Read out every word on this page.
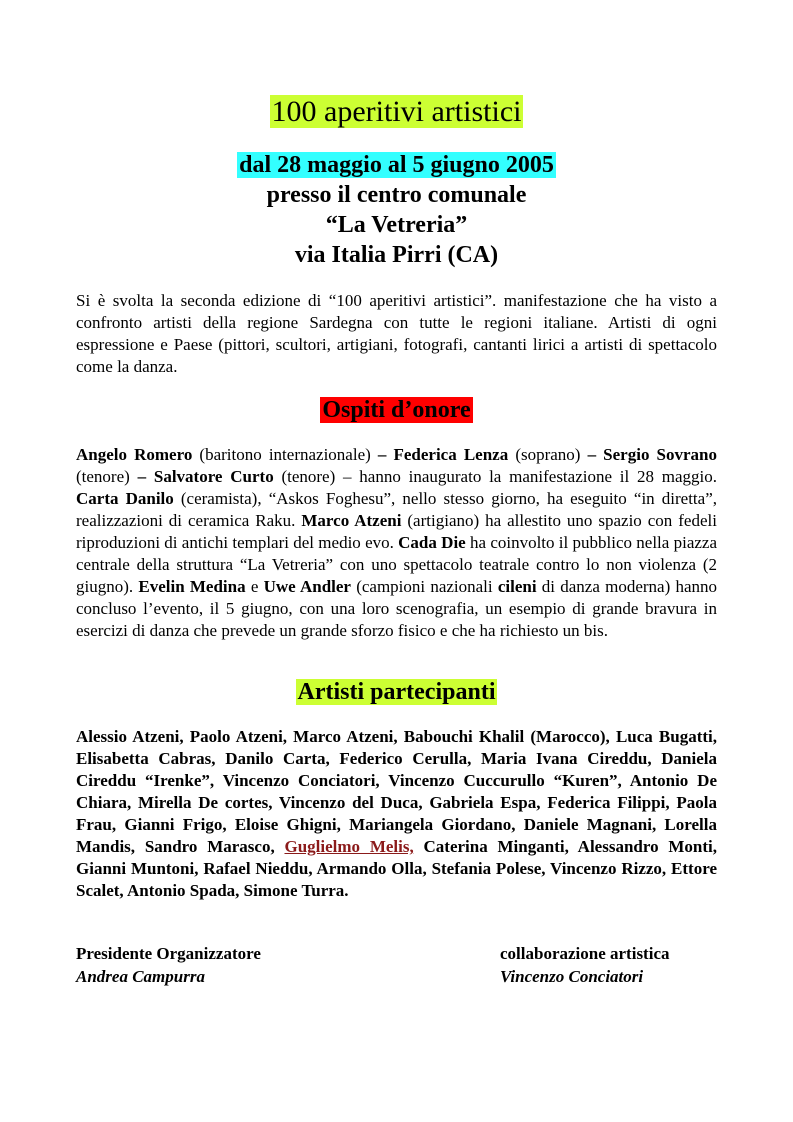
100 aperitivi artistici
dal 28 maggio al 5 giugno 2005
presso il centro comunale
“La Vetreria”
via Italia Pirri (CA)

Si è svolta la seconda edizione di “100 aperitivi artistici”. manifestazione che ha visto a confronto artisti della regione Sardegna con tutte le regioni italiane. Artisti di ogni espressione e Paese (pittori, scultori, artigiani, fotografi, cantanti lirici a artisti di spettacolo come la danza.

Ospiti d’onore

Angelo Romero (baritono internazionale) – Federica Lenza (soprano) – Sergio Sovrano (tenore) – Salvatore Curto (tenore) – hanno inaugurato la manifestazione il 28 maggio. Carta Danilo (ceramista), “Askos Foghesu”, nello stesso giorno, ha eseguito “in diretta”, realizzazioni di ceramica Raku. Marco Atzeni (artigiano) ha allestito uno spazio con fedeli riproduzioni di antichi templari del medio evo. Cada Die ha coinvolto il pubblico nella piazza centrale della struttura “La Vetreria” con uno spettacolo teatrale contro lo non violenza (2 giugno). Evelin Medina e Uwe Andler (campioni nazionali cileni di danza moderna) hanno concluso l’evento, il 5 giugno, con una loro scenografia, un esempio di grande bravura in esercizi di danza che prevede un grande sforzo fisico e che ha richiesto un bis.

Artisti partecipanti

Alessio Atzeni, Paolo Atzeni, Marco Atzeni, Babouchi Khalil (Marocco), Luca Bugatti, Elisabetta Cabras, Danilo Carta, Federico Cerulla, Maria Ivana Cireddu, Daniela Cireddu “Irenke”, Vincenzo Conciatori, Vincenzo Cuccurullo “Kuren”, Antonio De Chiara, Mirella De cortes, Vincenzo del Duca, Gabriela Espa, Federica Filippi, Paola Frau, Gianni Frigo, Eloise Ghigni, Mariangela Giordano, Daniele Magnani, Lorella Mandis, Sandro Marasco, Guglielmo Melis, Caterina Minganti, Alessandro Monti, Gianni Muntoni, Rafael Nieddu, Armando Olla, Stefania Polese, Vincenzo Rizzo, Ettore Scalet, Antonio Spada, Simone Turra.

Presidente Organizzatore
Andrea Campurra
collaborazione artistica
Vincenzo Conciatori
